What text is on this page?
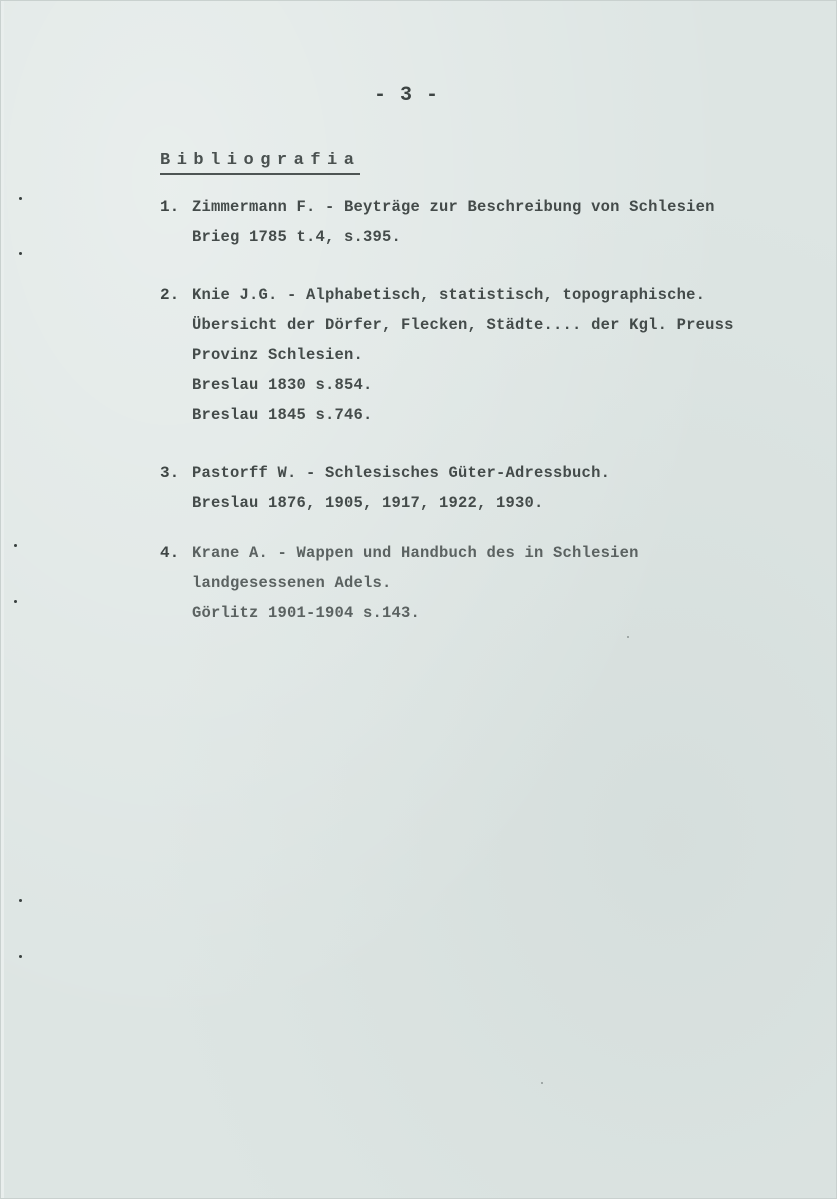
- 3 -
Bibliografia
1. Zimmermann F. - Beyträge zur Beschreibung von Schlesien
Brieg 1785 t.4, s.395.
2. Knie J.G. - Alphabetisch, statistisch, topographische.
Übersicht der Dörfer, Flecken, Städte.... der Kgl. Preuss
Provinz Schlesien.
Breslau 1830 s.854.
Breslau 1845 s.746.
3. Pastorff W. - Schlesisches Güter-Adressbuch.
Breslau 1876, 1905, 1917, 1922, 1930.
4. Krane A. - Wappen und Handbuch des in Schlesien
landgesessenen Adels.
Görlitz 1901-1904 s.143.
